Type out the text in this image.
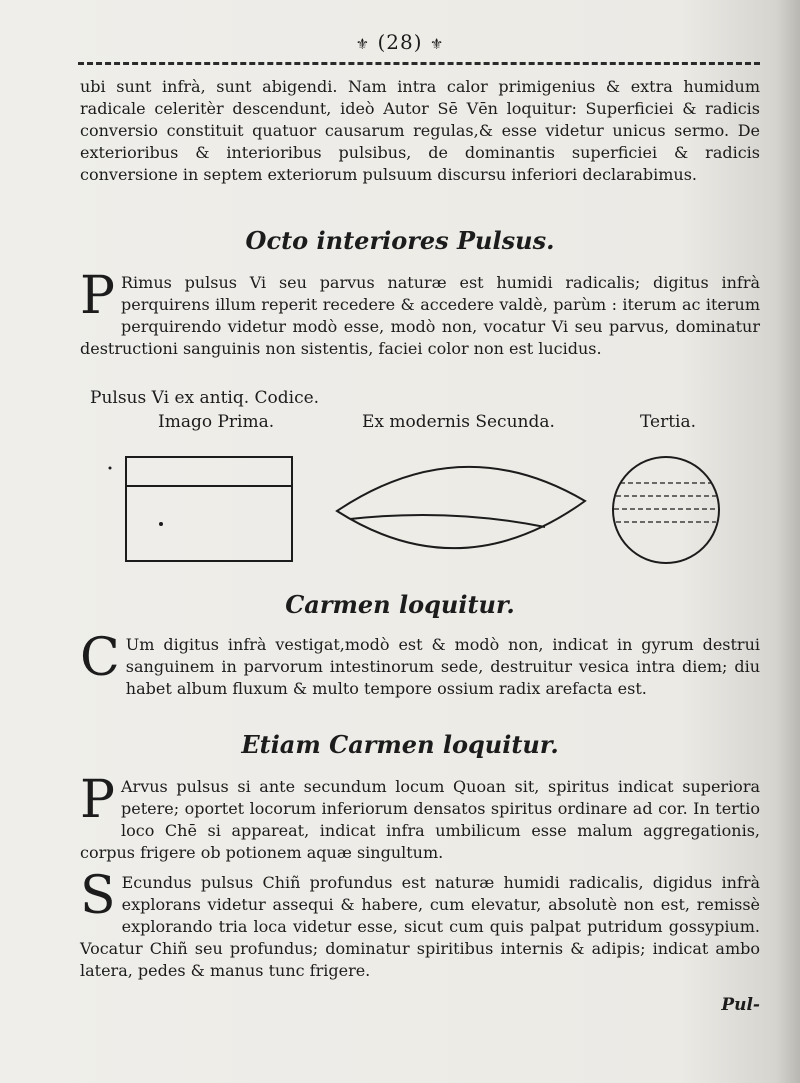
⚜ (28) ⚜
ubi sunt infrà, sunt abigendi. Nam intra calor primigenius & extra humidum radicale celeritèr descendunt, ideò Autor Sē Vēn loquitur: Superficiei & radicis conversio constituit quatuor causarum regulas,& esse videtur unicus sermo. De exterioribus & interioribus pulsibus, de dominantis superficiei & radicis conversione in septem exteriorum pulsuum discursu inferiori declarabimus.
Octo interiores Pulsus.
P Rimus pulsus Vi seu parvus naturæ est humidi radicalis; digitus infrà perquirens illum reperit recedere & accedere valdè, parùm : iterum ac iterum perquirendo videtur modò esse, modò non, vocatur Vi seu parvus, dominatur destructioni sanguinis non sistentis, faciei color non est lucidus.
Pulsus Vi ex antiq. Codice.
Imago Prima.	Ex modernis Secunda.	Tertia.
Carmen loquitur.
C Um digitus infrà vestigat,modò est & modò non, indicat in gyrum destrui sanguinem in parvorum intestinorum sede, destruitur vesica intra diem; diu habet album fluxum & multo tempore ossium radix arefacta est.
Etiam Carmen loquitur.
P Arvus pulsus si ante secundum locum Quoan sit, spiritus indicat superiora petere; oportet locorum inferiorum densatos spiritus ordinare ad cor. In tertio loco Chē si appareat, indicat infra umbilicum esse malum aggregationis, corpus frigere ob potionem aquæ singultum.
S Ecundus pulsus Chiñ profundus est naturæ humidi radicalis, digidus infrà explorans videtur assequi & habere, cum elevatur, absolutè non est, remissè explorando tria loca videtur esse, sicut cum quis palpat putridum gossypium. Vocatur Chiñ seu profundus; dominatur spiritibus internis & adipis; indicat ambo latera, pedes & manus tunc frigere.
Pul-
